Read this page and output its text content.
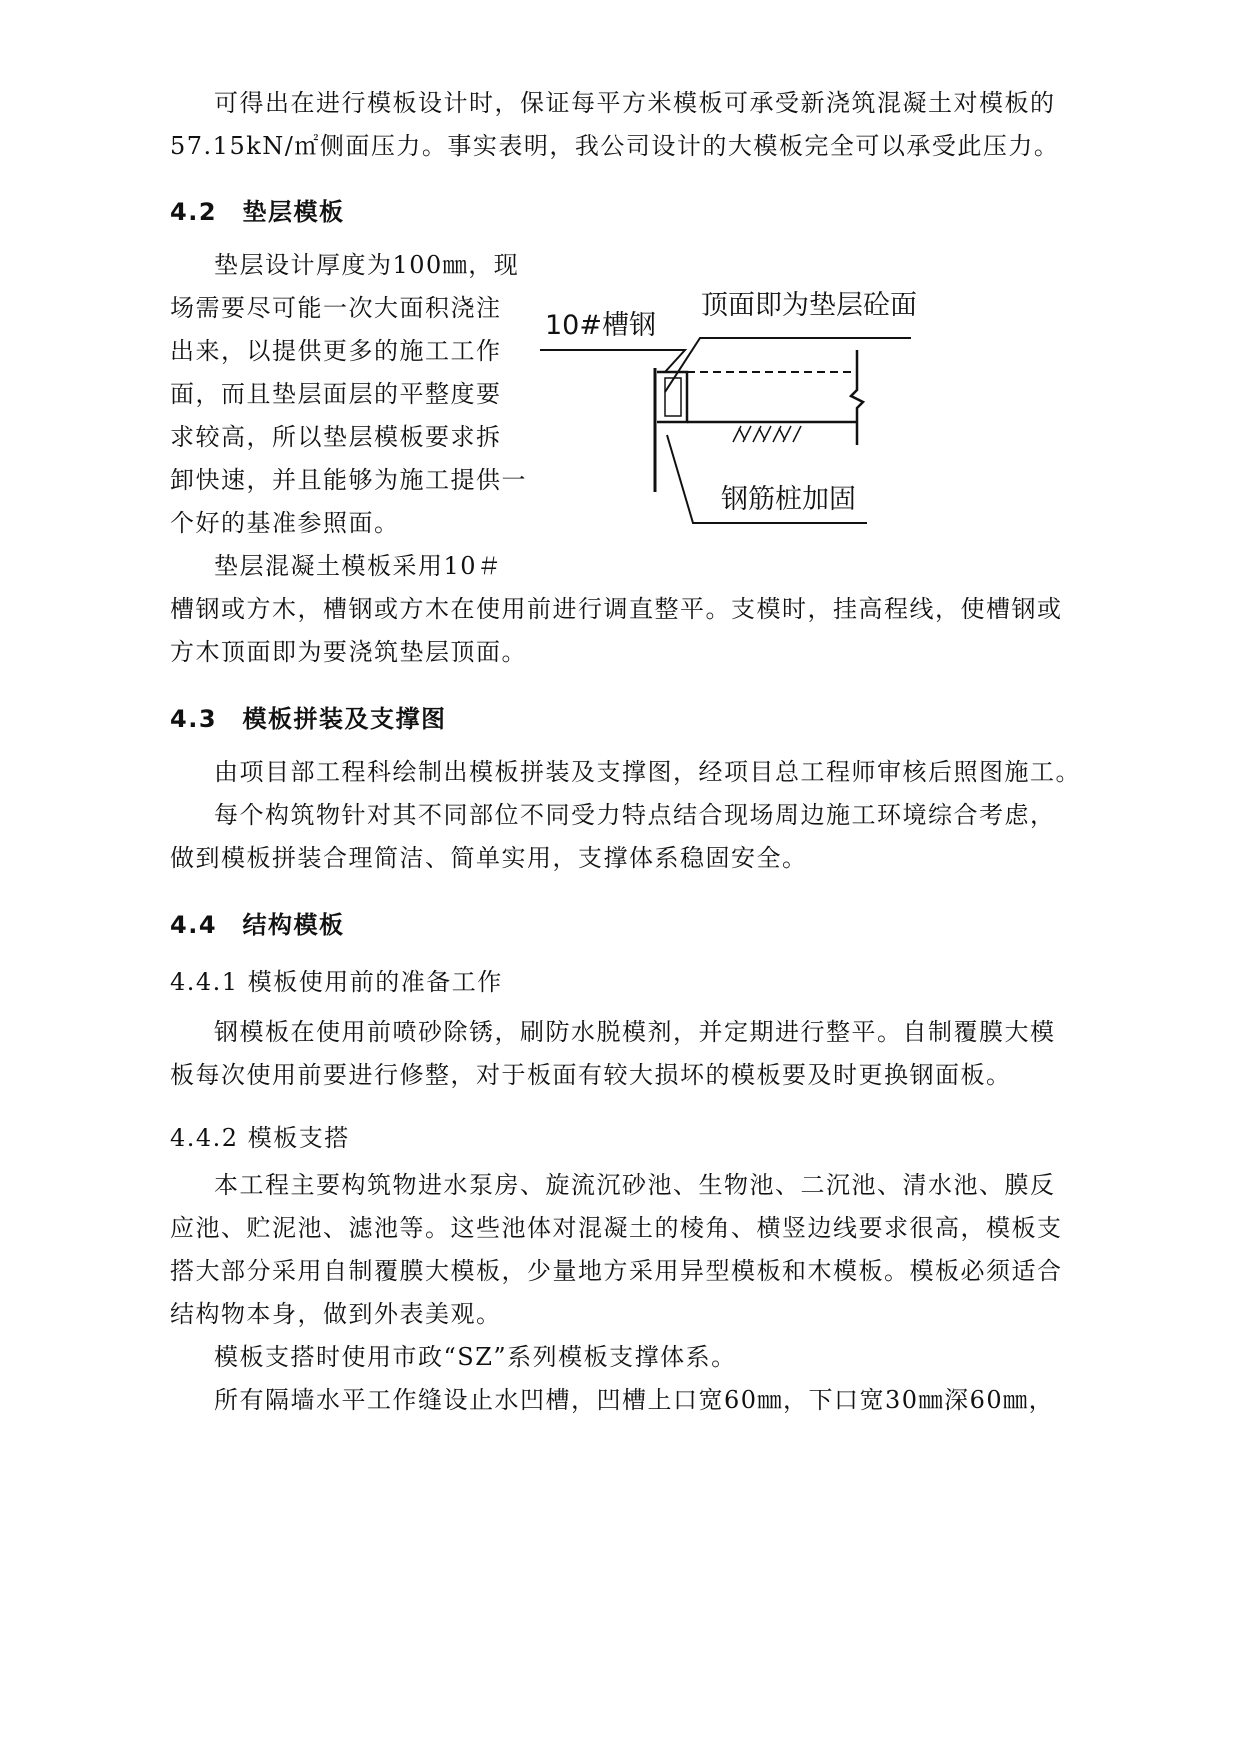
可得出在进行模板设计时，保证每平方米模板可承受新浇筑混凝土对模板的
57.15kN/㎡侧面压力。事实表明，我公司设计的大模板完全可以承受此压力。
4.2　垫层模板
垫层设计厚度为100㎜，现
场需要尽可能一次大面积浇注
出来，以提供更多的施工工作
面，而且垫层面层的平整度要
求较高，所以垫层模板要求拆
卸快速，并且能够为施工提供一
个好的基准参照面。
垫层混凝土模板采用10＃
槽钢或方木，槽钢或方木在使用前进行调直整平。支模时，挂高程线，使槽钢或
方木顶面即为要浇筑垫层顶面。
10#槽钢
顶面即为垫层砼面
钢筋桩加固
4.3　模板拼装及支撑图
由项目部工程科绘制出模板拼装及支撑图，经项目总工程师审核后照图施工。
每个构筑物针对其不同部位不同受力特点结合现场周边施工环境综合考虑，
做到模板拼装合理简洁、简单实用，支撑体系稳固安全。
4.4　结构模板
4.4.1 模板使用前的准备工作
钢模板在使用前喷砂除锈，刷防水脱模剂，并定期进行整平。自制覆膜大模
板每次使用前要进行修整，对于板面有较大损坏的模板要及时更换钢面板。
4.4.2 模板支搭
本工程主要构筑物进水泵房、旋流沉砂池、生物池、二沉池、清水池、膜反
应池、贮泥池、滤池等。这些池体对混凝土的棱角、横竖边线要求很高，模板支
搭大部分采用自制覆膜大模板，少量地方采用异型模板和木模板。模板必须适合
结构物本身，做到外表美观。
模板支搭时使用市政“SZ”系列模板支撑体系。
所有隔墙水平工作缝设止水凹槽，凹槽上口宽60㎜，下口宽30㎜深60㎜，
